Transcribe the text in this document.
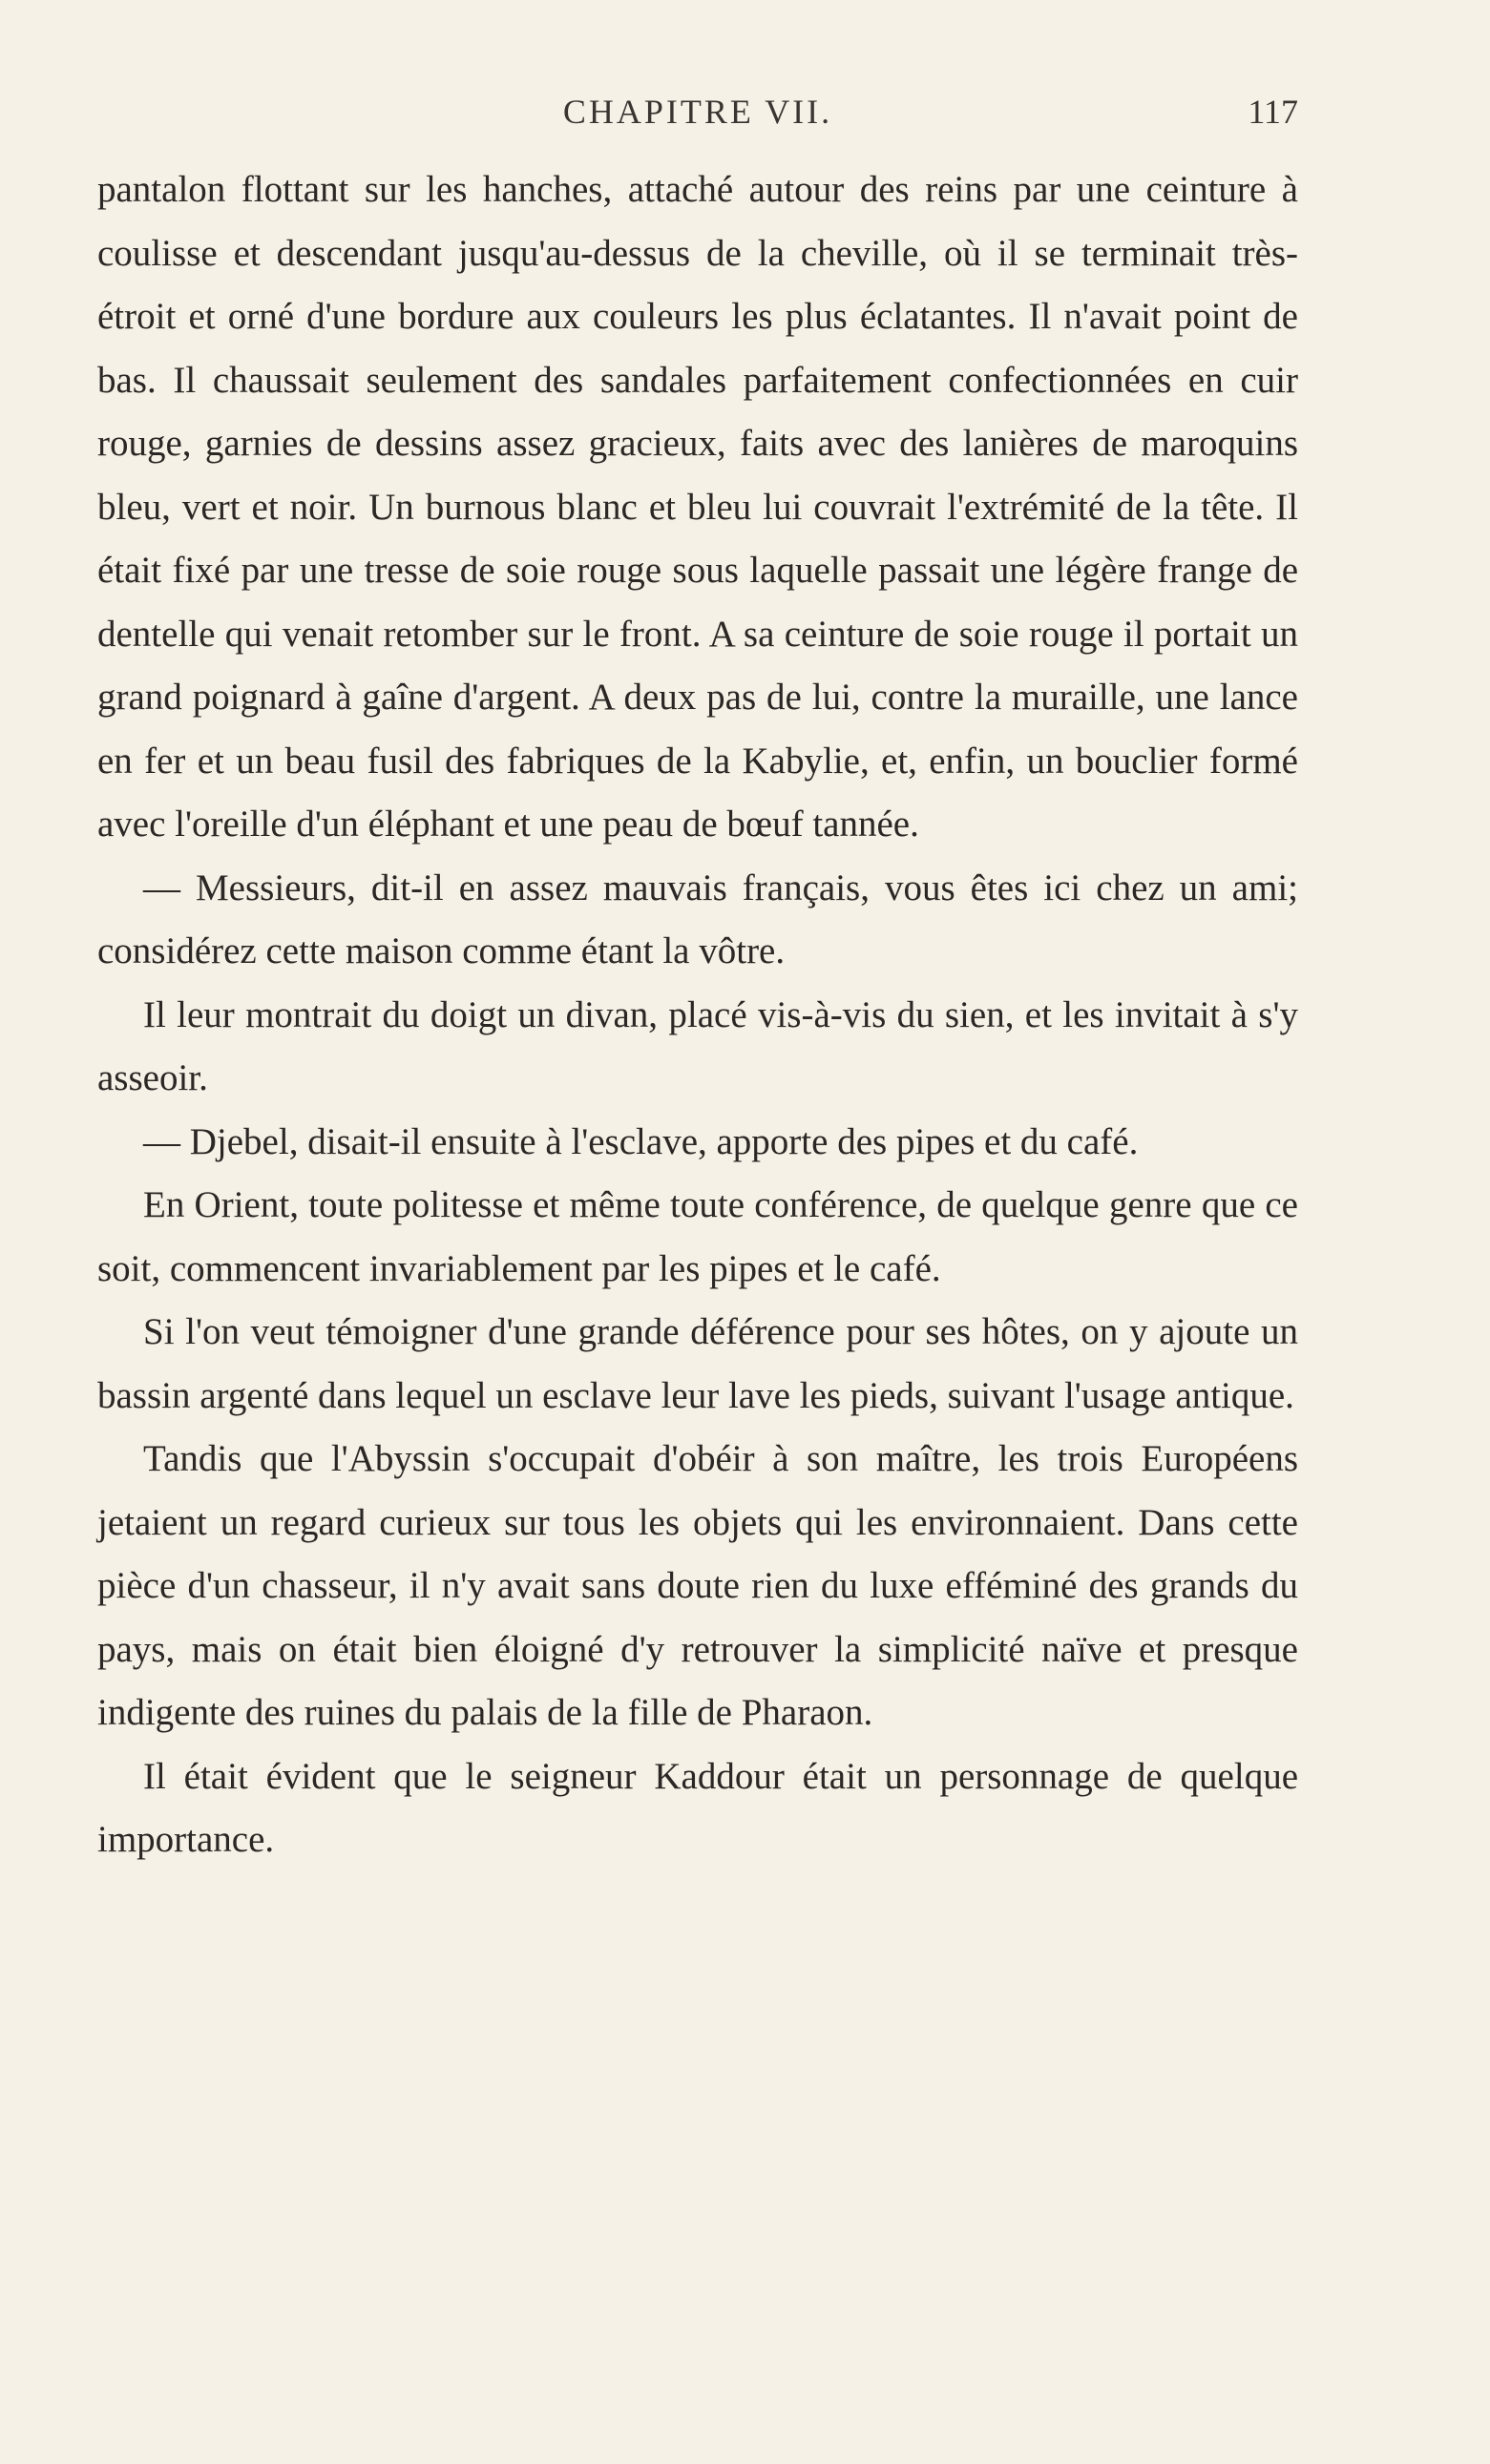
CHAPITRE VII.	117

pantalon flottant sur les hanches, attaché autour des reins par une ceinture à coulisse et descendant jusqu'au-dessus de la cheville, où il se terminait très-étroit et orné d'une bordure aux couleurs les plus éclatantes. Il n'avait point de bas. Il chaussait seulement des sandales parfaitement confectionnées en cuir rouge, garnies de dessins assez gracieux, faits avec des lanières de maroquins bleu, vert et noir. Un burnous blanc et bleu lui couvrait l'extrémité de la tête. Il était fixé par une tresse de soie rouge sous laquelle passait une légère frange de dentelle qui venait retomber sur le front. A sa ceinture de soie rouge il portait un grand poignard à gaîne d'argent. A deux pas de lui, contre la muraille, une lance en fer et un beau fusil des fabriques de la Kabylie, et, enfin, un bouclier formé avec l'oreille d'un éléphant et une peau de bœuf tannée.

— Messieurs, dit-il en assez mauvais français, vous êtes ici chez un ami; considérez cette maison comme étant la vôtre.

Il leur montrait du doigt un divan, placé vis-à-vis du sien, et les invitait à s'y asseoir.

— Djebel, disait-il ensuite à l'esclave, apporte des pipes et du café.

En Orient, toute politesse et même toute conférence, de quelque genre que ce soit, commencent invariablement par les pipes et le café.

Si l'on veut témoigner d'une grande déférence pour ses hôtes, on y ajoute un bassin argenté dans lequel un esclave leur lave les pieds, suivant l'usage antique.

Tandis que l'Abyssin s'occupait d'obéir à son maître, les trois Européens jetaient un regard curieux sur tous les objets qui les environnaient. Dans cette pièce d'un chasseur, il n'y avait sans doute rien du luxe efféminé des grands du pays, mais on était bien éloigné d'y retrouver la simplicité naïve et presque indigente des ruines du palais de la fille de Pharaon.

Il était évident que le seigneur Kaddour était un personnage de quelque importance.
